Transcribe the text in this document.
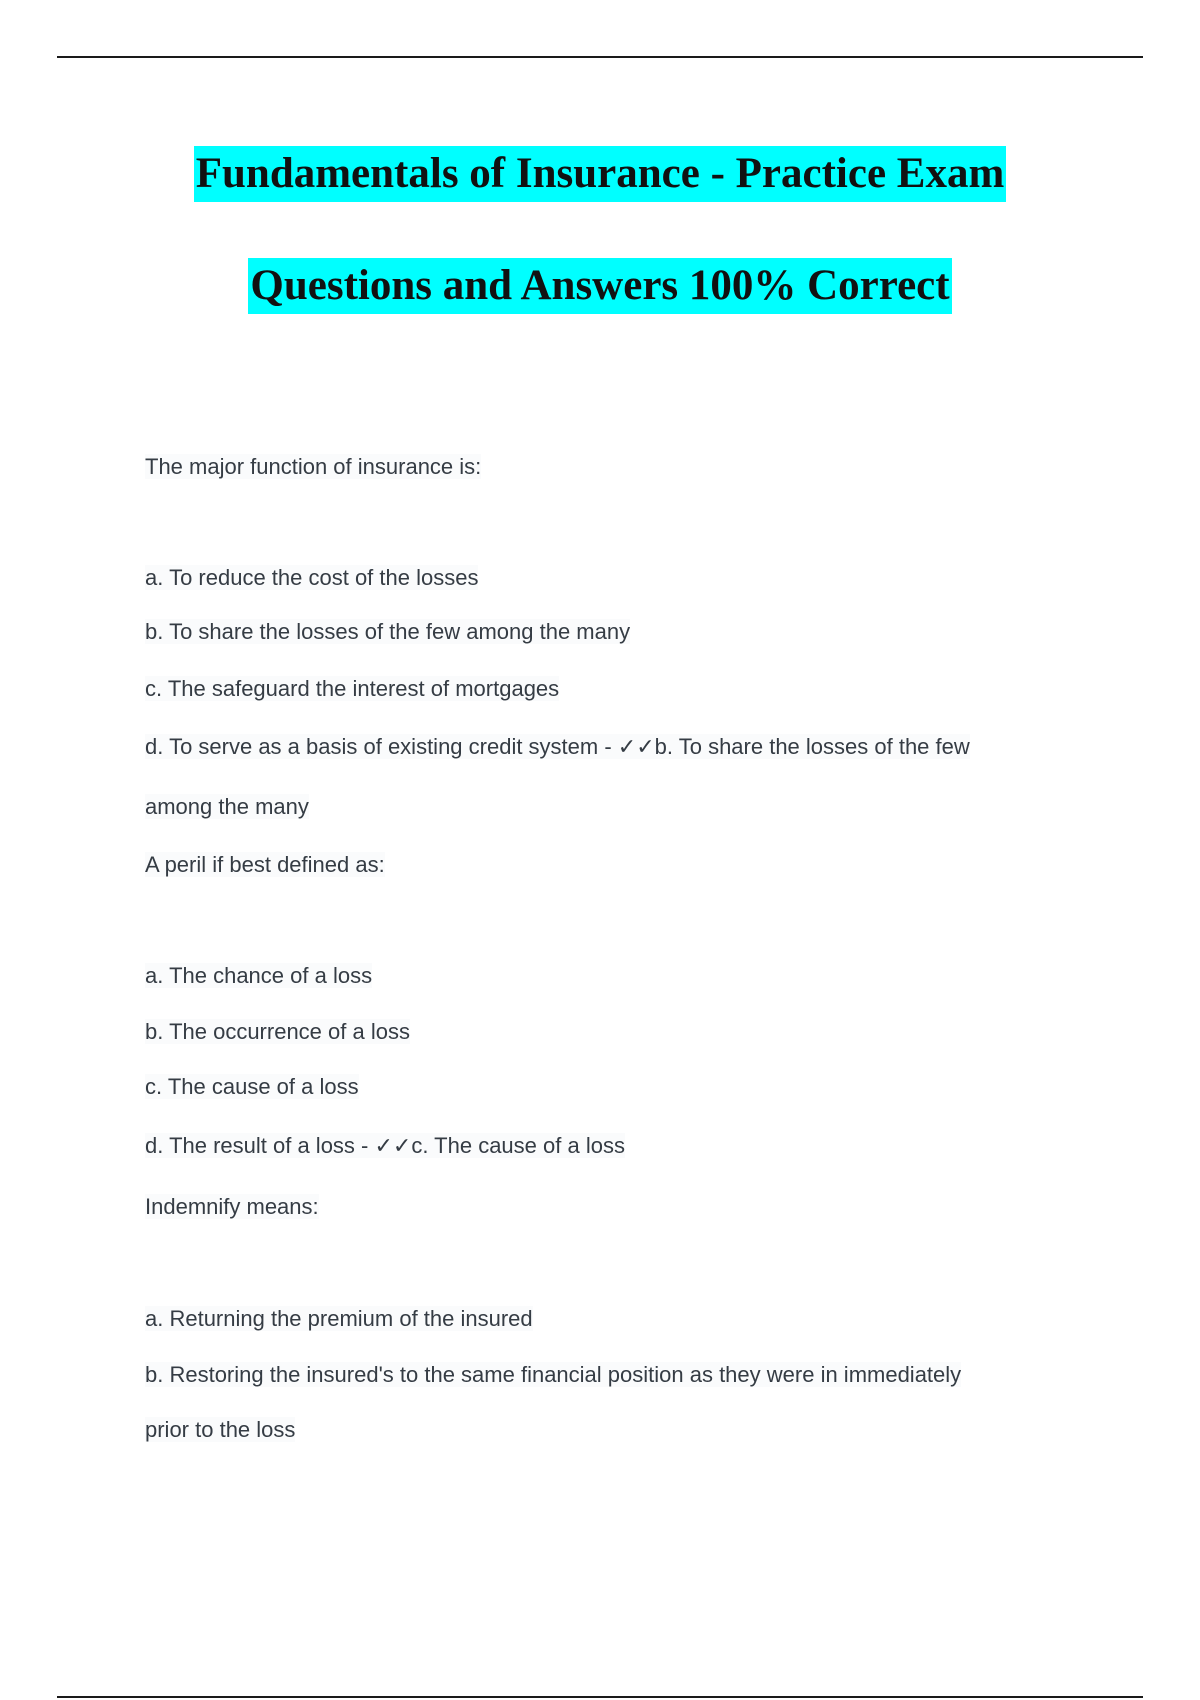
Fundamentals of Insurance - Practice Exam
Questions and Answers 100% Correct
The major function of insurance is:
a. To reduce the cost of the losses
b. To share the losses of the few among the many
c. The safeguard the interest of mortgages
d. To serve as a basis of existing credit system - ✓✓b. To share the losses of the few
among the many
A peril if best defined as:
a. The chance of a loss
b. The occurrence of a loss
c. The cause of a loss
d. The result of a loss - ✓✓c. The cause of a loss
Indemnify means:
a. Returning the premium of the insured
b. Restoring the insured's to the same financial position as they were in immediately
prior to the loss
